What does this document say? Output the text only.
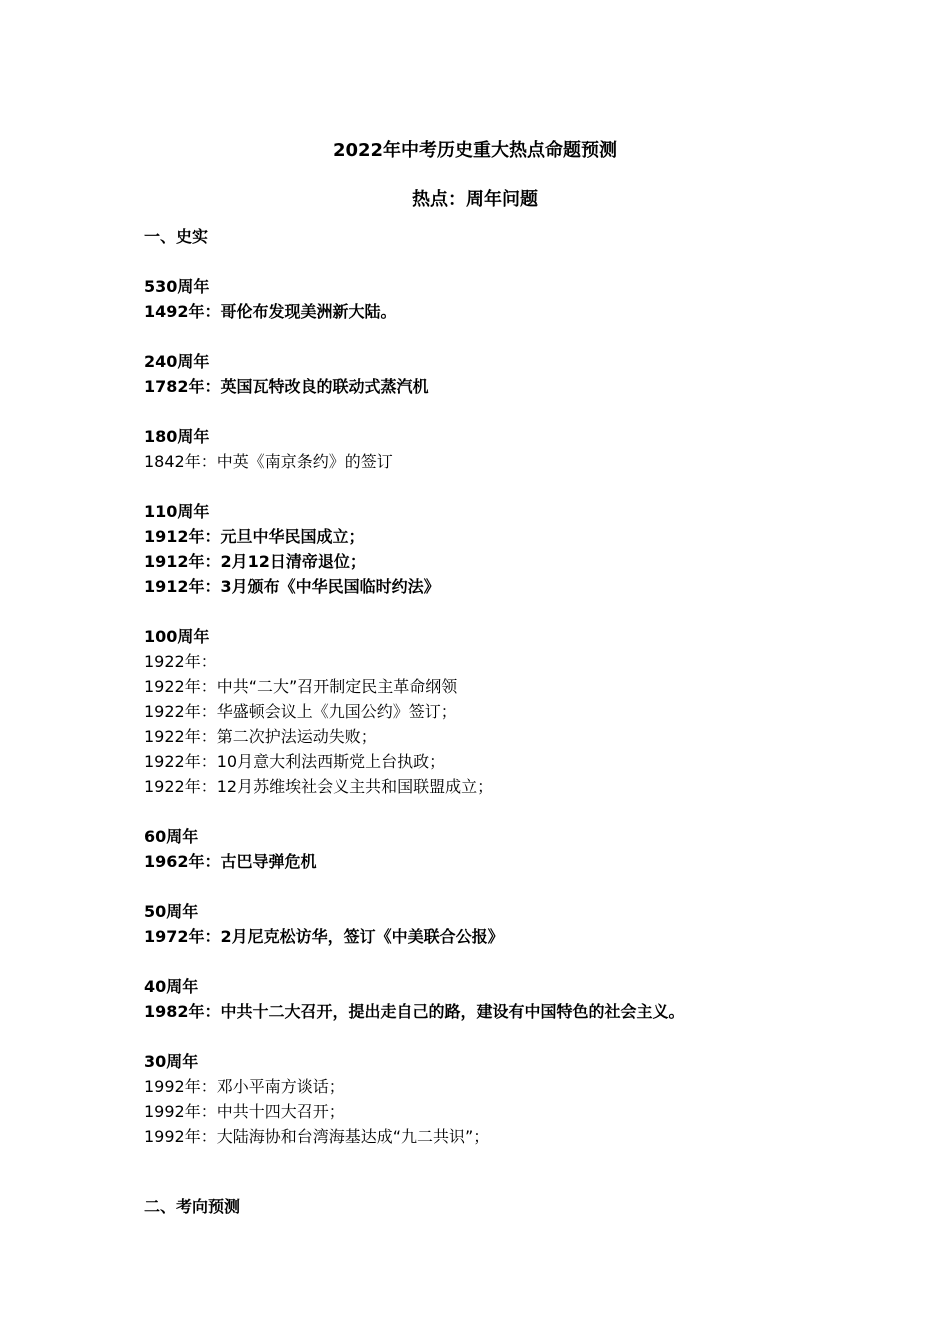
2022年中考历史重大热点命题预测
热点：周年问题
一、史实
530周年
1492年：哥伦布发现美洲新大陆。
240周年
1782年：英国瓦特改良的联动式蒸汽机
180周年
1842年：中英《南京条约》的签订
110周年
1912年：元旦中华民国成立；
1912年：2月12日清帝退位；
1912年：3月颁布《中华民国临时约法》
100周年
1922年：
1922年：中共“二大”召开制定民主革命纲领
1922年：华盛顿会议上《九国公约》签订；
1922年：第二次护法运动失败；
1922年：10月意大利法西斯党上台执政；
1922年：12月苏维埃社会义主共和国联盟成立；
60周年
1962年：古巴导弹危机
50周年
1972年：2月尼克松访华，签订《中美联合公报》
40周年
1982年：中共十二大召开，提出走自己的路，建设有中国特色的社会主义。
30周年
1992年：邓小平南方谈话；
1992年：中共十四大召开；
1992年：大陆海协和台湾海基达成“九二共识”；
二、考向预测
